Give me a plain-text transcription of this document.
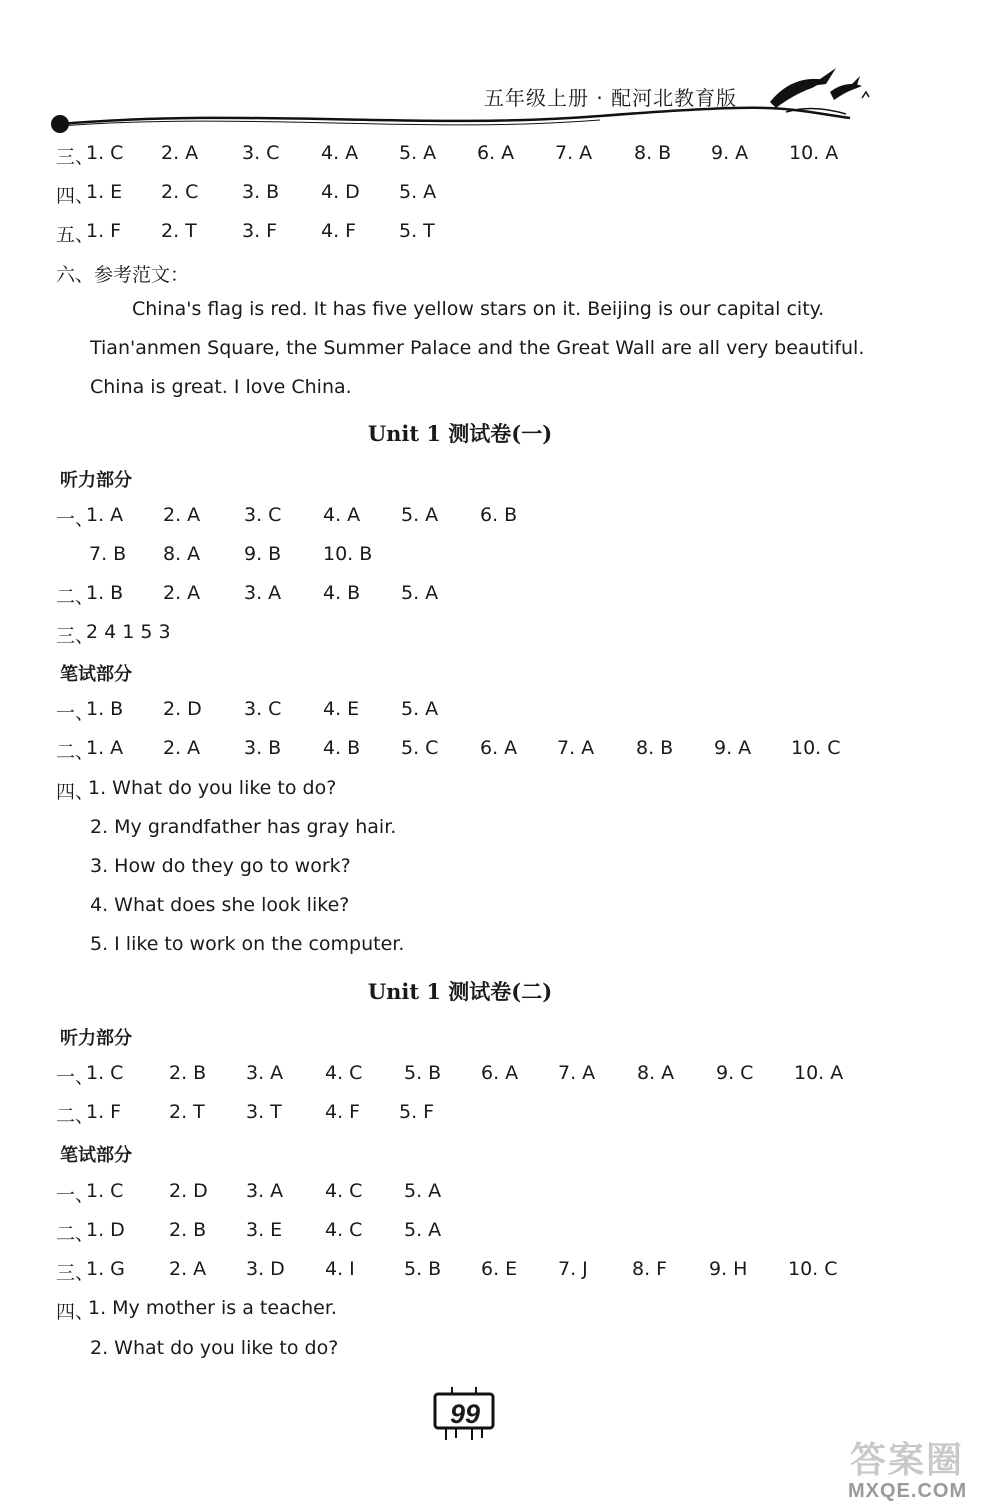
五年级上册 · 配河北教育版
三、
1. C 2. A 3. C 4. A 5. A 6. A 7. A 8. B 9. A 10. A
四、
1. E 2. C 3. B 4. D 5. A
五、
1. F 2. T 3. F 4. F 5. T
六、参考范文：
China's flag is red. It has five yellow stars on it. Beijing is our capital city.
Tian'anmen Square, the Summer Palace and the Great Wall are all very beautiful.
China is great. I love China.
Unit 1 测试卷(一)
听力部分
一、
1. A 2. A 3. C 4. A 5. A 6. B
7. B 8. A 9. B 10. B
二、
1. B 2. A 3. A 4. B 5. A
三、
2 4 1 5 3
笔试部分
一、
1. B 2. D 3. C 4. E 5. A
二、
1. A 2. A 3. B 4. B 5. C 6. A 7. A 8. B 9. A 10. C
四、
1. What do you like to do?
2. My grandfather has gray hair.
3. How do they go to work?
4. What does she look like?
5. I like to work on the computer.
Unit 1 测试卷(二)
听力部分
一、
1. C 2. B 3. A 4. C 5. B 6. A 7. A 8. A 9. C 10. A
二、
1. F	2. T 3. T 4. F 5. F
笔试部分
一、
1. C 2. D 3. A 4. C 5. A
二、
1. D 2. B 3. E 4. C 5. A
三、
1. G 2. A 3. D 4. I	5. B 6. E 7. J 8. F 9. H 10. C
四、
1. My mother is a teacher.
2. What do you like to do?
99
答案圈
MXQE.COM
